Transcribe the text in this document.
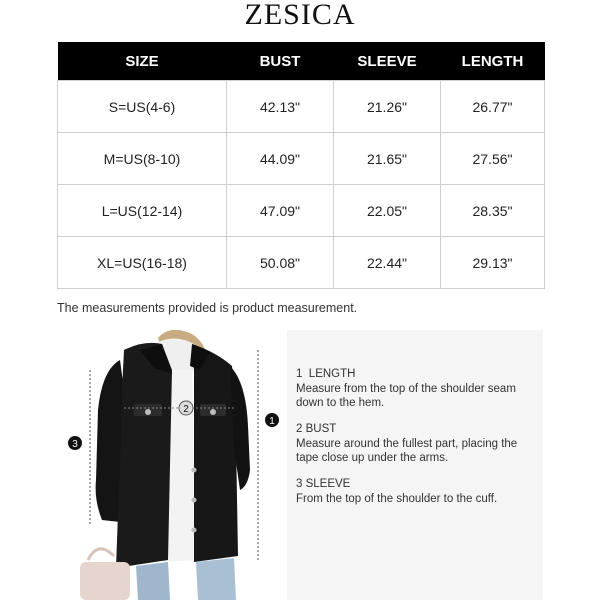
ZESICA
SIZE	BUST	SLEEVE	LENGTH
S=US(4-6)	42.13"	21.26"	26.77"
M=US(8-10)	44.09"	21.65"	27.56"
L=US(12-14)	47.09"	22.05"	28.35"
XL=US(16-18)	50.08"	22.44"	29.13"
The measurements provided is product measurement.
3
2
1
1 LENGTH
Measure from the top of the shoulder seam down to the hem.
2 BUST
Measure around the fullest part, placing the tape close up under the arms.
3 SLEEVE
From the top of the shoulder to the cuff.
